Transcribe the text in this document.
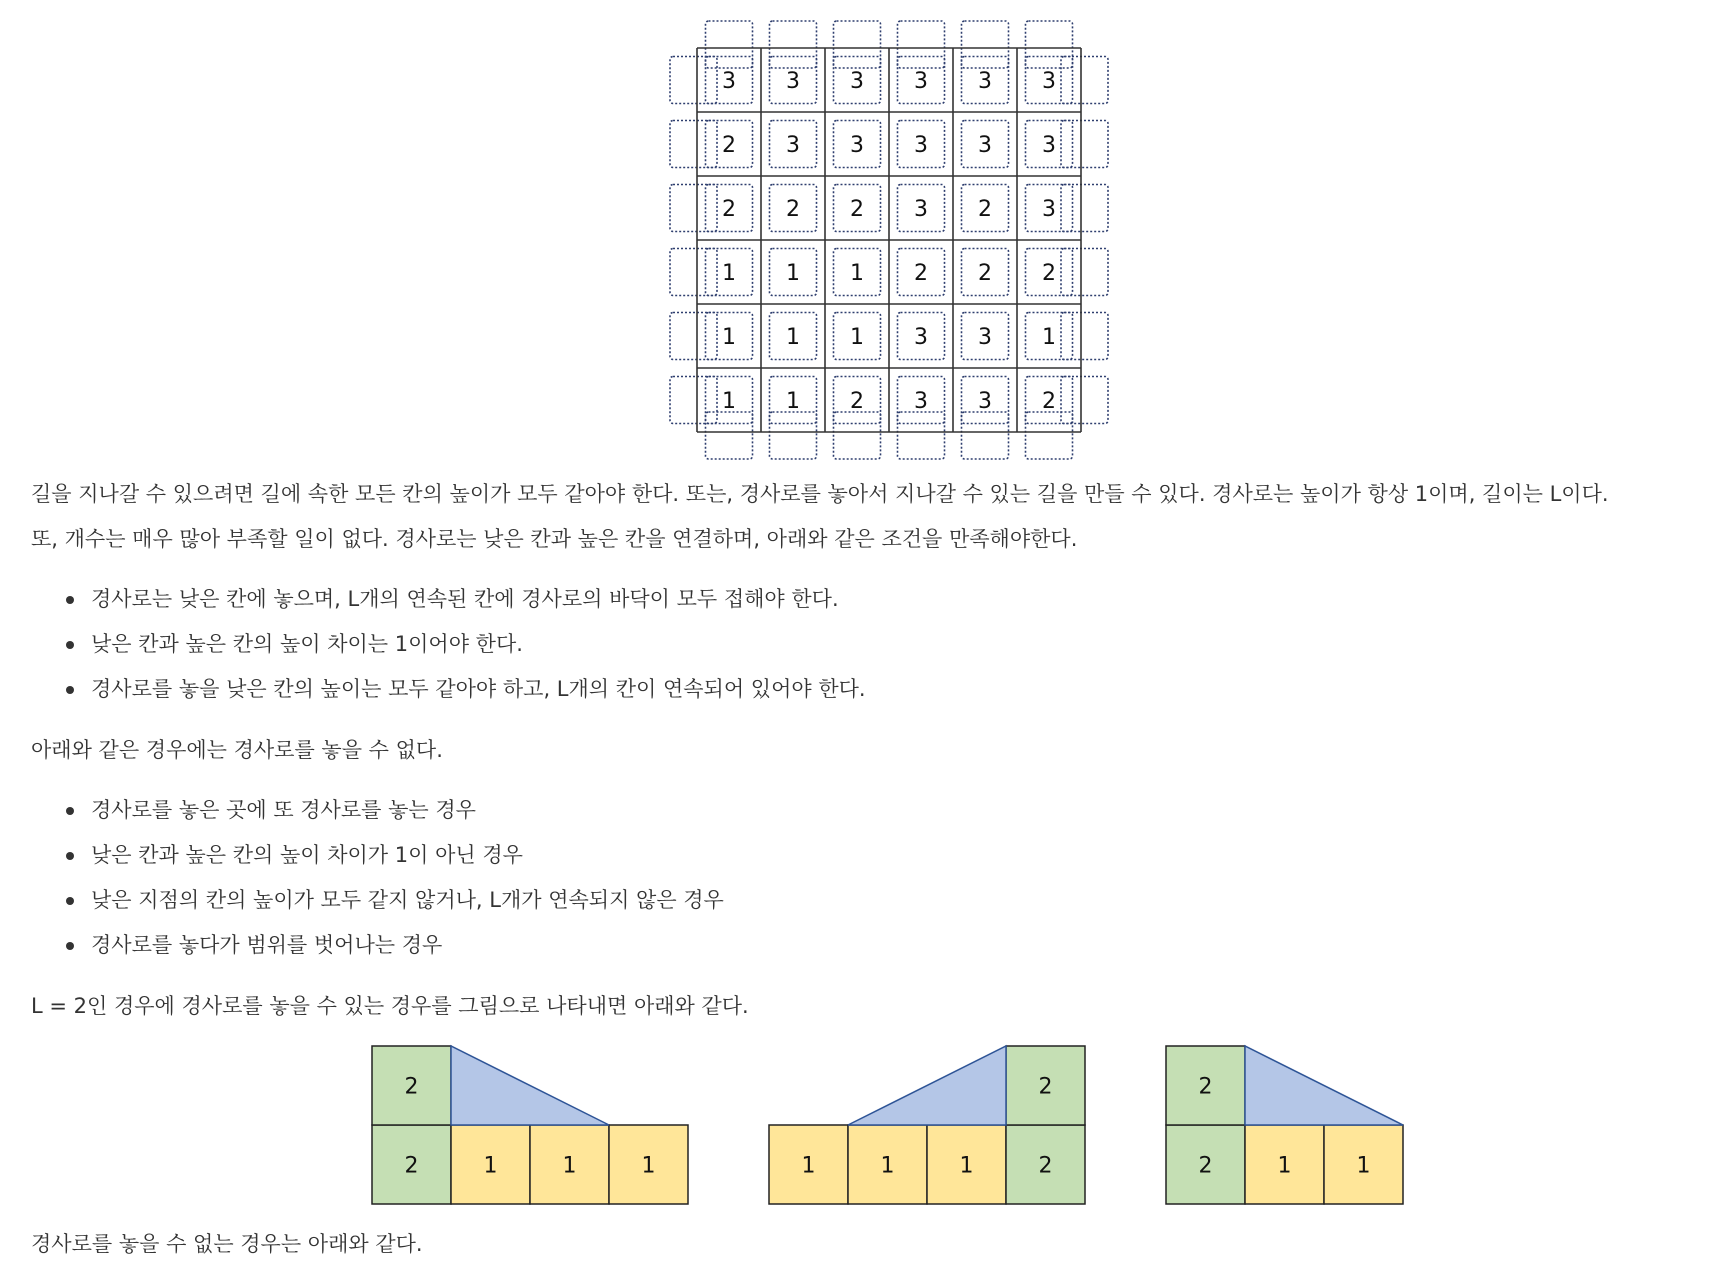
3 3 3 3 3 3
2 3 3 3 3 3
2 2 2 3 2 3
1 1 1 2 2 2
1 1 1 3 3 1
1 1 2 3 3 2

길을 지나갈 수 있으려면 길에 속한 모든 칸의 높이가 모두 같아야 한다. 또는, 경사로를 놓아서 지나갈 수 있는 길을 만들 수 있다. 경사로는 높이가 항상 1이며, 길이는 L이다.

또, 개수는 매우 많아 부족할 일이 없다. 경사로는 낮은 칸과 높은 칸을 연결하며, 아래와 같은 조건을 만족해야한다.

경사로는 낮은 칸에 놓으며, L개의 연속된 칸에 경사로의 바닥이 모두 접해야 한다.
낮은 칸과 높은 칸의 높이 차이는 1이어야 한다.
경사로를 놓을 낮은 칸의 높이는 모두 같아야 하고, L개의 칸이 연속되어 있어야 한다.

아래와 같은 경우에는 경사로를 놓을 수 없다.

경사로를 놓은 곳에 또 경사로를 놓는 경우
낮은 칸과 높은 칸의 높이 차이가 1이 아닌 경우
낮은 지점의 칸의 높이가 모두 같지 않거나, L개가 연속되지 않은 경우
경사로를 놓다가 범위를 벗어나는 경우

L = 2인 경우에 경사로를 놓을 수 있는 경우를 그림으로 나타내면 아래와 같다.

2	1	1	1
2
1	1	1	2
2
2	1	1
2

경사로를 놓을 수 없는 경우는 아래와 같다.
